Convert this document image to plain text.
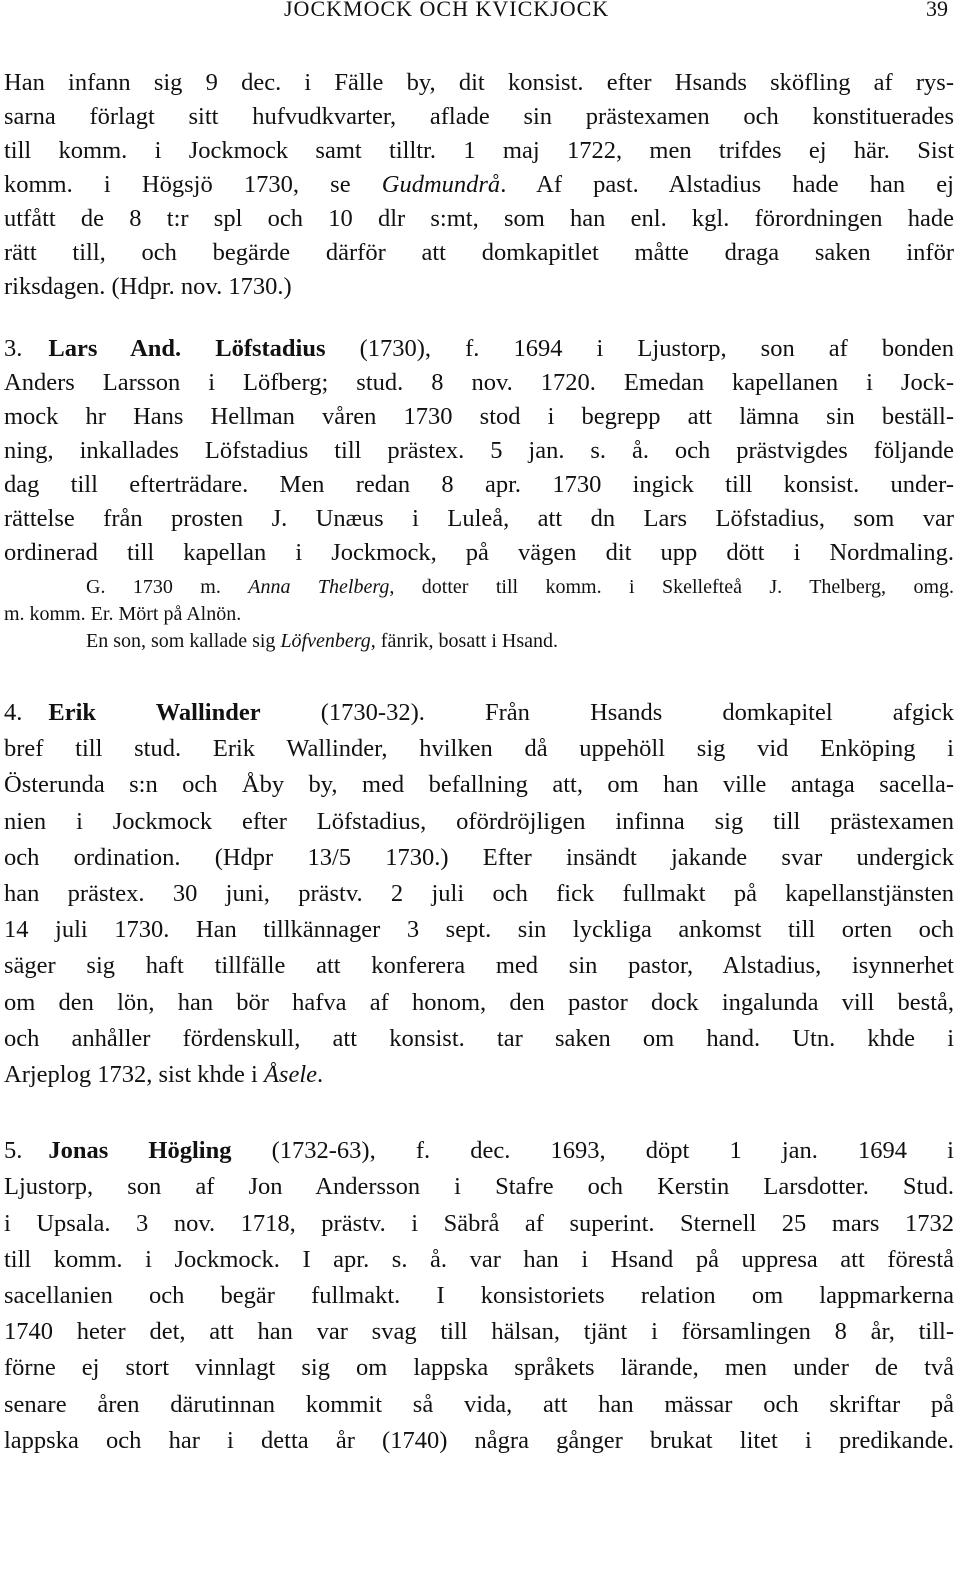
JOCKMOCK OCH KVICKJOCK	39

Han infann sig 9 dec. i Fälle by, dit konsist. efter Hsands sköfling af rys-

sarna förlagt sitt hufvudkvarter, aflade sin prästexamen och konstituerades

till komm. i Jockmock samt tilltr. 1 maj 1722, men trifdes ej här. Sist

komm. i Högsjö 1730, se Gudmundrå. Af past. Alstadius hade han ej

utfått de 8 t:r spl och 10 dlr s:mt, som han enl. kgl. förordningen hade

rätt till, och begärde därför att domkapitlet måtte draga saken inför

riksdagen. (Hdpr. nov. 1730.)

3. Lars And. Löfstadius (1730), f. 1694 i Ljustorp, son af bonden

Anders Larsson i Löfberg; stud. 8 nov. 1720. Emedan kapellanen i Jock-

mock hr Hans Hellman våren 1730 stod i begrepp att lämna sin beställ-

ning, inkallades Löfstadius till prästex. 5 jan. s. å. och prästvigdes följande

dag till efterträdare. Men redan 8 apr. 1730 ingick till konsist. under-

rättelse från prosten J. Unæus i Luleå, att dn Lars Löfstadius, som var

ordinerad till kapellan i Jockmock, på vägen dit upp dött i Nordmaling.

G. 1730 m. Anna Thelberg, dotter till komm. i Skellefteå J. Thelberg, omg.

m. komm. Er. Mört på Alnön.

En son, som kallade sig Löfvenberg, fänrik, bosatt i Hsand.

4. Erik Wallinder (1730-32). Från Hsands domkapitel afgick

bref till stud. Erik Wallinder, hvilken då uppehöll sig vid Enköping i

Österunda s:n och Åby by, med befallning att, om han ville antaga sacella-

nien i Jockmock efter Löfstadius, ofördröjligen infinna sig till prästexamen

och ordination. (Hdpr 13/5 1730.) Efter insändt jakande svar undergick

han prästex. 30 juni, prästv. 2 juli och fick fullmakt på kapellanstjänsten

14 juli 1730. Han tillkännager 3 sept. sin lyckliga ankomst till orten och

säger sig haft tillfälle att konferera med sin pastor, Alstadius, isynnerhet

om den lön, han bör hafva af honom, den pastor dock ingalunda vill bestå,

och anhåller fördenskull, att konsist. tar saken om hand. Utn. khde i

Arjeplog 1732, sist khde i Åsele.

5. Jonas Högling (1732-63), f. dec. 1693, döpt 1 jan. 1694 i

Ljustorp, son af Jon Andersson i Stafre och Kerstin Larsdotter. Stud.

i Upsala. 3 nov. 1718, prästv. i Säbrå af superint. Sternell 25 mars 1732

till komm. i Jockmock. I apr. s. å. var han i Hsand på uppresa att förestå

sacellanien och begär fullmakt. I konsistoriets relation om lappmarkerna

1740 heter det, att han var svag till hälsan, tjänt i församlingen 8 år, till-

förne ej stort vinnlagt sig om lappska språkets lärande, men under de två

senare åren därutinnan kommit så vida, att han mässar och skriftar på

lappska och har i detta år (1740) några gånger brukat litet i predikande.
